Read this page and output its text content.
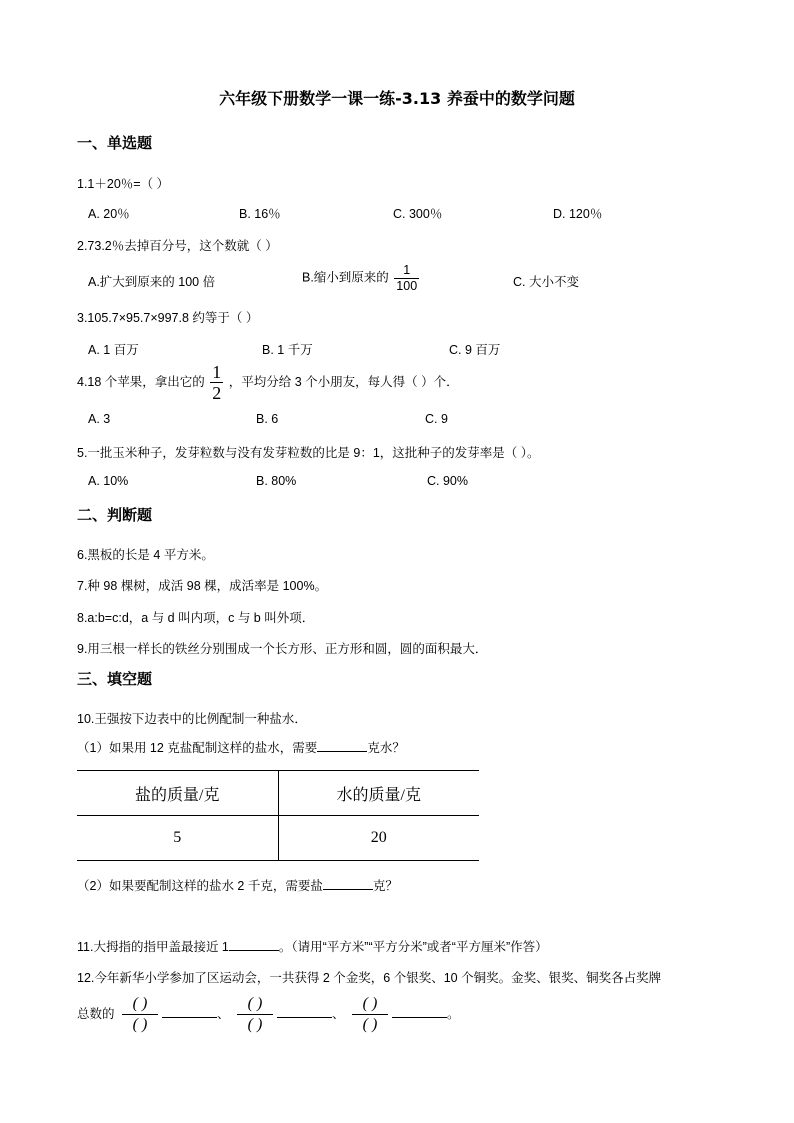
六年级下册数学一课一练-3.13 养蚕中的数学问题
一、单选题
1.1＋20％=（ ）
A. 20％	B. 16％	C. 300％	D. 120％
2.73.2％去掉百分号，这个数就（ ）
A.扩大到原来的 100 倍	B.缩小到原来的 $\frac{1}{100}$	C. 大小不变
3.105.7×95.7×997.8 约等于（ ）
A. 1 百万	B. 1 千万	C. 9 百万
4.18 个苹果，拿出它的 $\frac{1}{2}$ ，平均分给 3 个小朋友，每人得（ ）个．
A. 3	B. 6	C. 9
5.一批玉米种子，发芽粒数与没有发芽粒数的比是 9：1，这批种子的发芽率是（ ）。
A. 10%	B. 80%	C. 90%
二、判断题
6.黑板的长是 4 平方米。
7.种 98 棵树，成活 98 棵，成活率是 100%。
8.a:b=c:d，a 与 d 叫内项，c 与 b 叫外项．
9.用三根一样长的铁丝分别围成一个长方形、正方形和圆，圆的面积最大．
三、填空题
10.王强按下边表中的比例配制一种盐水．
（1）如果用 12 克盐配制这样的盐水，需要	克水？
盐的质量/克	水的质量/克
5	20
（2）如果要配制这样的盐水 2 千克，需要盐	克？
11.大拇指的指甲盖最接近 1	。（请用“平方米”“平方分米”或者“平方厘米”作答）
12.今年新华小学参加了区运动会，一共获得 2 个金奖，6 个银奖、10 个铜奖。金奖、银奖、铜奖各占奖牌
总数的 $\frac{( )}{( )}$	、 $\frac{( )}{( )}$	、 $\frac{( )}{( )}$	。
